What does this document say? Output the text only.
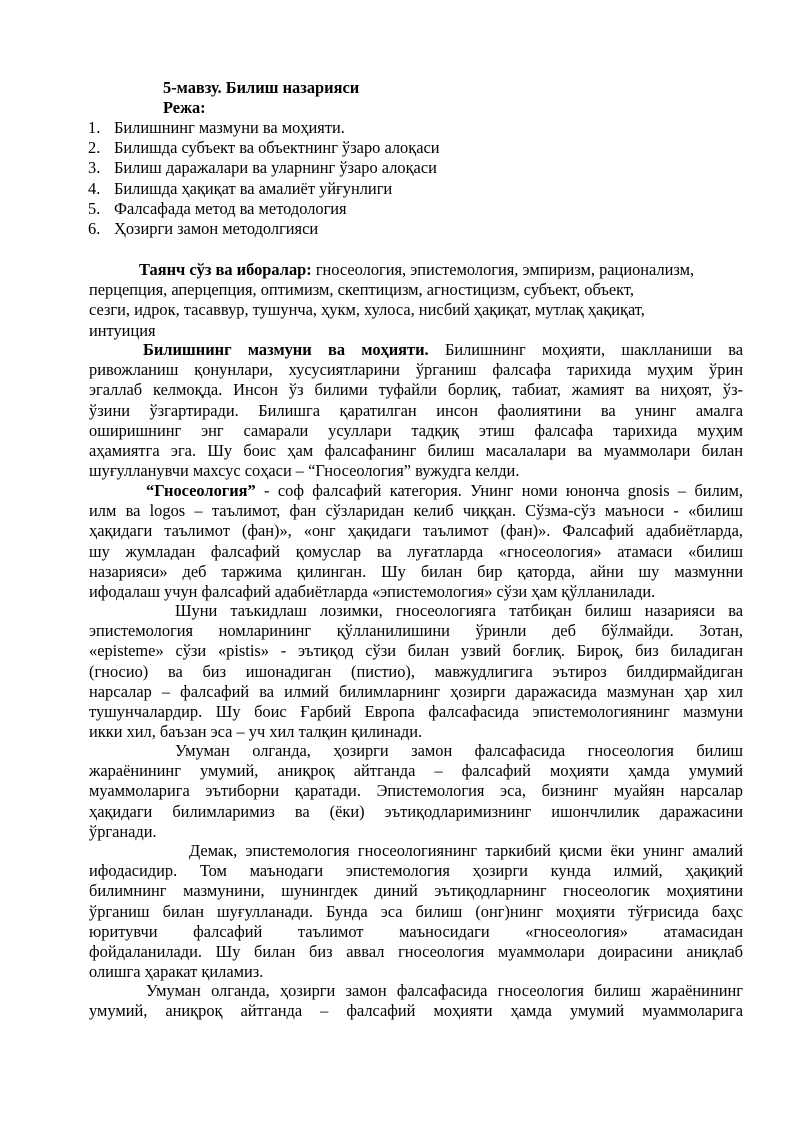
5-мавзу. Билиш назарияси
Режа:
1. Билишнинг мазмуни ва моҳияти.
2. Билишда субъект ва объектнинг ўзаро алоқаси
3. Билиш даражалари ва уларнинг ўзаро алоқаси
4. Билишда ҳақиқат ва амалиёт уйғунлиги
5. Фалсафада метод ва методология
6. Ҳозирги замон методолгияси
Таянч сўз ва иборалар: гносеология, эпистемология, эмпиризм, рационализм,
перцепция, аперцепция, оптимизм, скептицизм, агностицизм, субъект, объект,
сезги, идрок, тасаввур, тушунча, ҳукм, хулоса, нисбий ҳақиқат, мутлақ ҳақиқат,
интуиция
Билишнинг мазмуни ва моҳияти. Билишнинг моҳияти, шаклланиши ва
ривожланиш қонунлари, хусусиятларини ўрганиш фалсафа тарихида муҳим ўрин
эгаллаб келмоқда. Инсон ўз билими туфайли борлиқ, табиат, жамият ва ниҳоят, ўз-
ўзини ўзгартиради. Билишга қаратилган инсон фаолиятини ва унинг амалга
оширишнинг энг самарали усуллари тадқиқ этиш фалсафа тарихида муҳим
аҳамиятга эга. Шу боис ҳам фалсафанинг билиш масалалари ва муаммолари билан
шуғулланувчи махсус соҳаси – “Гносеология” вужудга келди.
“Гносеология” - соф фалсафий категория. Унинг номи юнонча gnosis – билим,
илм ва logos – таълимот, фан сўзларидан келиб чиққан. Сўзма-сўз маъноси - «билиш
ҳақидаги таълимот (фан)», «онг ҳақидаги таълимот (фан)». Фалсафий адабиётларда,
шу жумладан фалсафий қомуслар ва луғатларда «гносеология» атамаси «билиш
назарияси» деб таржима қилинган. Шу билан бир қаторда, айни шу мазмунни
ифодалаш учун фалсафий адабиётларда «эпистемология» сўзи ҳам қўлланилади.
Шуни таъкидлаш лозимки, гносеологияга татбиқан билиш назарияси ва
эпистемология номларининг қўлланилишини ўринли деб бўлмайди. Зотан,
«episteme» сўзи «pistis» - эътиқод сўзи билан узвий боғлиқ. Бироқ, биз биладиган
(гносио) ва биз ишонадиган (пистио), мавжудлигига эътироз билдирмайдиган
нарсалар – фалсафий ва илмий билимларнинг ҳозирги даражасида мазмунан ҳар хил
тушунчалардир. Шу боис Ғарбий Европа фалсафасида эпистемологиянинг мазмуни
икки хил, баъзан эса – уч хил талқин қилинади.
Умуман олганда, ҳозирги замон фалсафасида гносеология билиш
жараёнининг умумий, аниқроқ айтганда – фалсафий моҳияти ҳамда умумий
муаммоларига эътиборни қаратади. Эпистемология эса, бизнинг муайян нарсалар
ҳақидаги билимларимиз ва (ёки) эътиқодларимизнинг ишончлилик даражасини
ўрганади.
Демак, эпистемология гносеологиянинг таркибий қисми ёки унинг амалий
ифодасидир. Том маънодаги эпистемология ҳозирги кунда илмий, ҳақиқий
билимнинг мазмунини, шунингдек диний эътиқодларнинг гносеологик моҳиятини
ўрганиш билан шуғулланади. Бунда эса билиш (онг)нинг моҳияти тўғрисида баҳс
юритувчи фалсафий таълимот маъносидаги «гносеология» атамасидан
фойдаланилади. Шу билан биз аввал гносеология муаммолари доирасини аниқлаб
олишга ҳаракат қиламиз.
Умуман олганда, ҳозирги замон фалсафасида гносеология билиш жараёнининг
умумий, аниқроқ айтганда – фалсафий моҳияти ҳамда умумий муаммоларига
